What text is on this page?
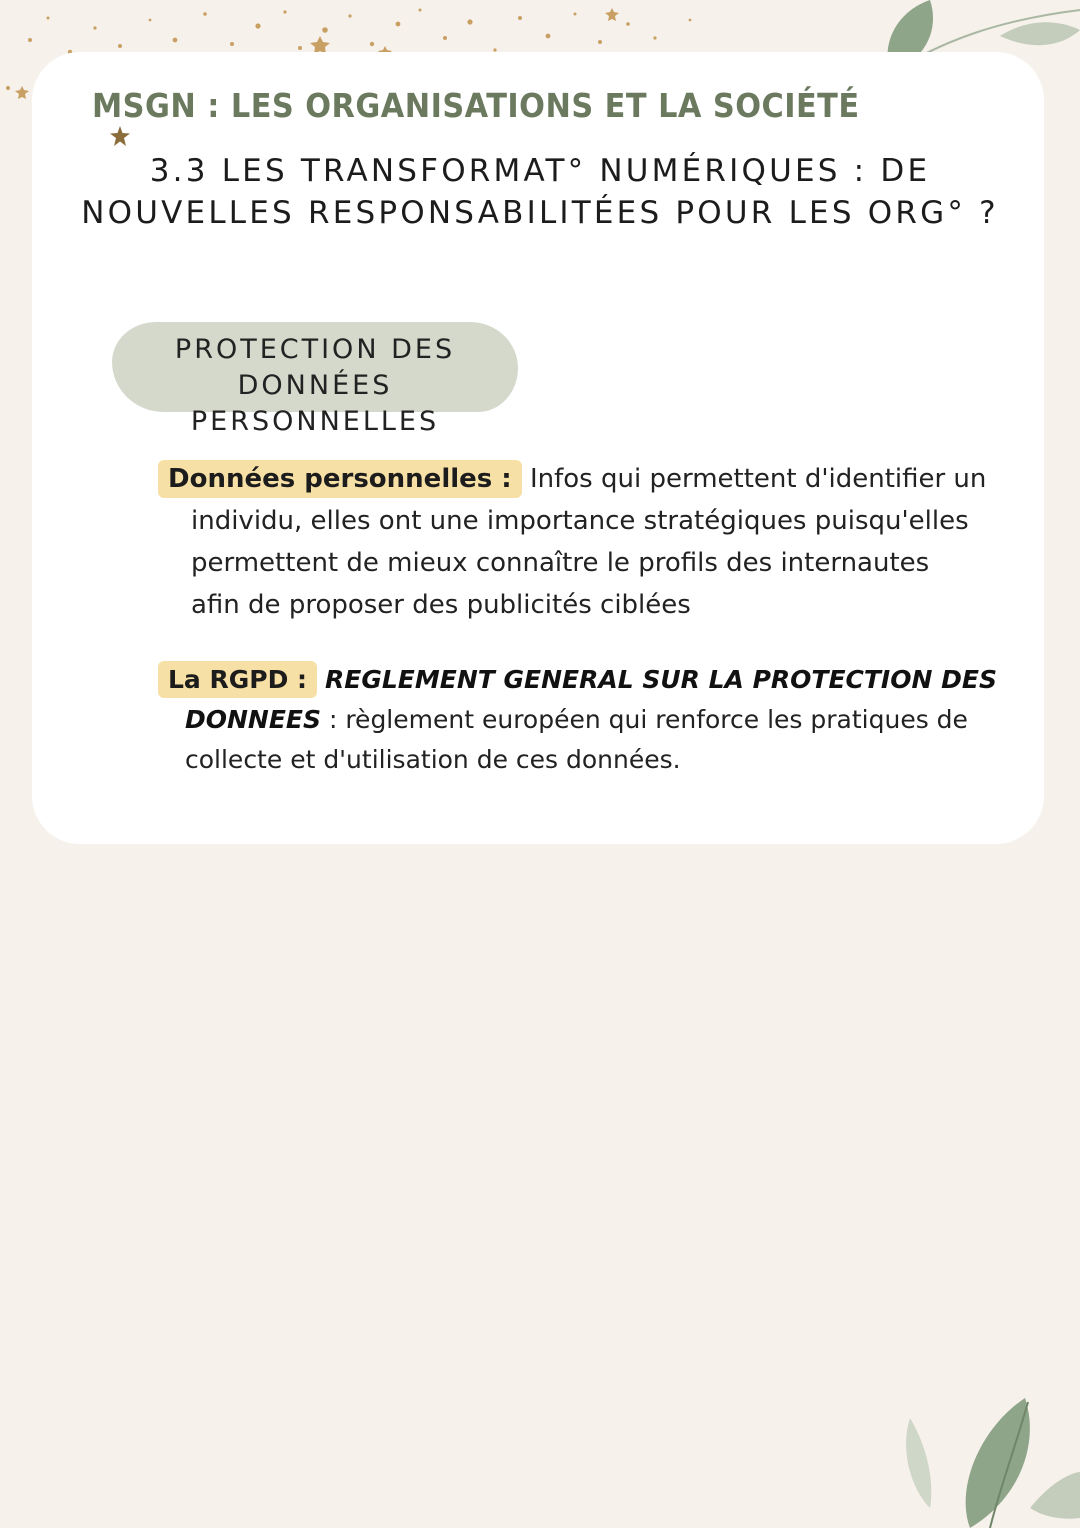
MSGN : LES ORGANISATIONS ET LA SOCIÉTÉ
3.3 LES TRANSFORMAT° NUMÉRIQUES : DE NOUVELLES RESPONSABILITÉES POUR LES ORG° ?
PROTECTION DES
DONNÉES PERSONNELLES
Données personnelles : Infos qui permettent d'identifier un
individu, elles ont une importance stratégiques puisqu'elles permettent de mieux connaître le profils des internautes afin de proposer des publicités ciblées
La RGPD : REGLEMENT GENERAL SUR LA PROTECTION DES
DONNEES : règlement européen qui renforce les pratiques de collecte et d'utilisation de ces données.
